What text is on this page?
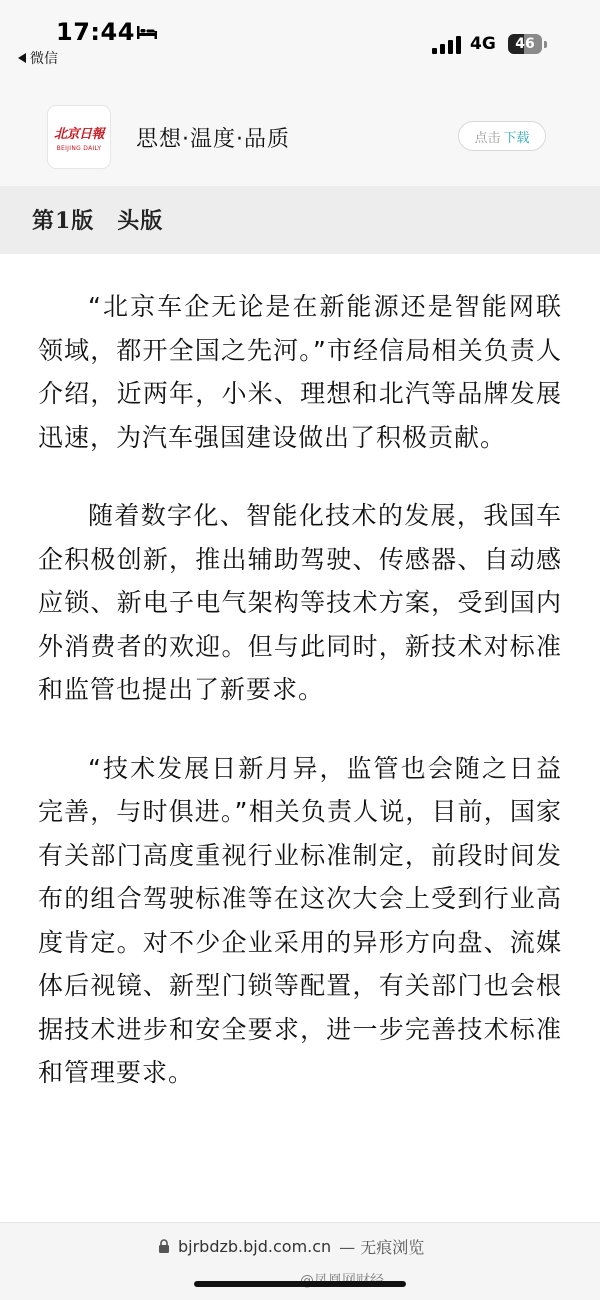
17:44
微信
4G 46
北京日報
BEIJING DAILY 思想·温度·品质	点击 下载
第1版　头版

“北京车企无论是在新能源还是智能网联领域，都开全国之先河。”市经信局相关负责人介绍，近两年，小米、理想和北汽等品牌发展迅速，为汽车强国建设做出了积极贡献。

随着数字化、智能化技术的发展，我国车企积极创新，推出辅助驾驶、传感器、自动感应锁、新电子电气架构等技术方案，受到国内外消费者的欢迎。但与此同时，新技术对标准和监管也提出了新要求。

“技术发展日新月异，监管也会随之日益完善，与时俱进。”相关负责人说，目前，国家有关部门高度重视行业标准制定，前段时间发布的组合驾驶标准等在这次大会上受到行业高度肯定。对不少企业采用的异形方向盘、流媒体后视镜、新型门锁等配置，有关部门也会根据技术进步和安全要求，进一步完善技术标准和管理要求。

bjrbdzb.bjd.com.cn — 无痕浏览
